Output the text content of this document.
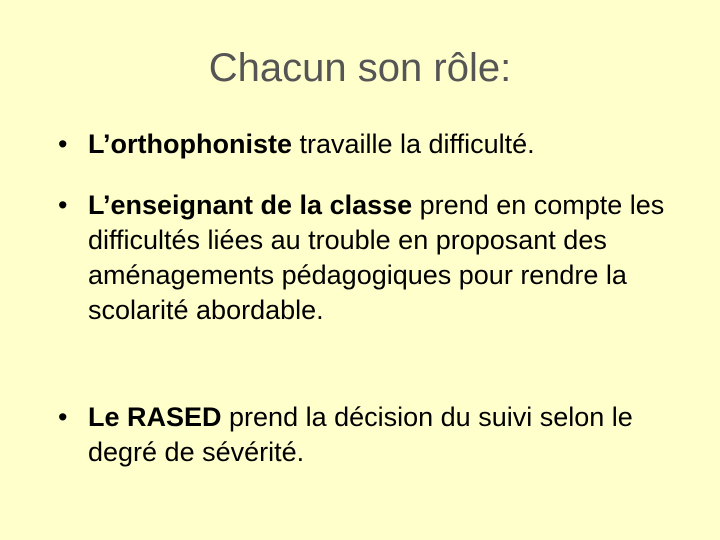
Chacun son rôle:
• L’orthophoniste travaille la difficulté.
• L’enseignant de la classe prend en compte les difficultés liées au trouble en proposant des aménagements pédagogiques pour rendre la scolarité abordable.
• Le RASED prend la décision du suivi selon le degré de sévérité.
